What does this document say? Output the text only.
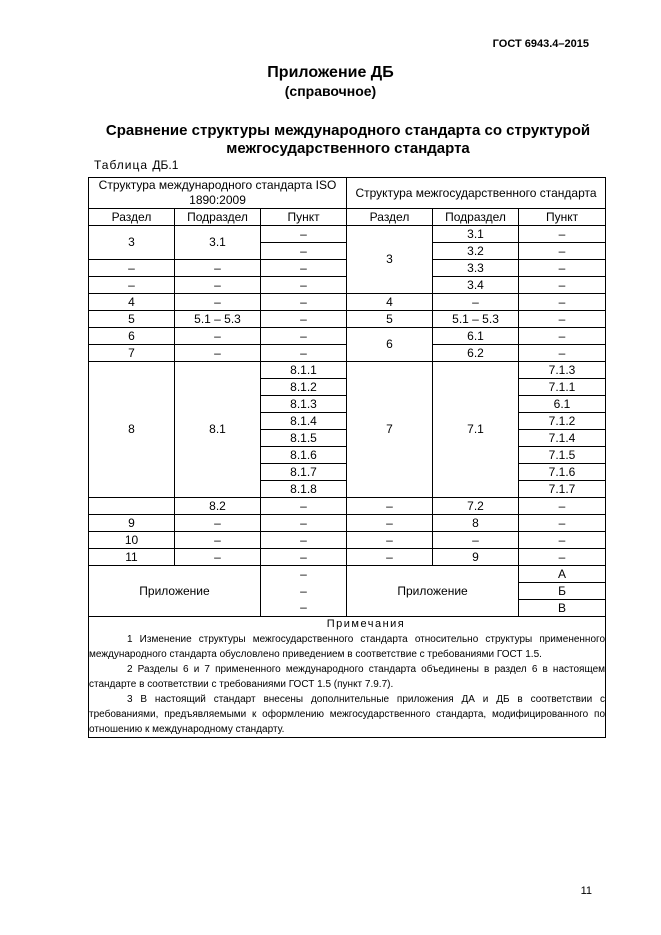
ГОСТ 6943.4–2015
Приложение ДБ
(справочное)
Сравнение структуры международного стандарта со структурой
межгосударственного стандарта
Таблица ДБ.1
Структура международного стандарта ISO 1890:2009			Структура межгосударственного стандарта		
Раздел	Подраздел	Пункт	Раздел	Подраздел	Пункт
3	3.1	–	3	3.1	–
		–		3.2	–
–	–	–		3.3	–
–	–	–		3.4	–
4	–	–	4	–	–
5	5.1 – 5.3	–	5	5.1 – 5.3	–
6	–	–	6	6.1	–
7	–	–		6.2	–
8	8.1	8.1.1	7	7.1	7.1.3
		8.1.2			7.1.1
		8.1.3			6.1
		8.1.4			7.1.2
		8.1.5			7.1.4
		8.1.6			7.1.5
		8.1.7			7.1.6
		8.1.8			7.1.7
	8.2	–	–	7.2	–
9	–	–	–	8	–
10	–	–	–	–	–
11	–	–	–	9	–
Приложение		–	Приложение		А
		–			Б
		–			В

Примечания

1 Изменение структуры межгосударственного стандарта относительно структуры примененного международного стандарта обусловлено приведением в соответствие с требованиями ГОСТ 1.5.

2 Разделы 6 и 7 примененного международного стандарта объединены в раздел 6 в настоящем стандарте в соответствии с требованиями ГОСТ 1.5 (пункт 7.9.7).

3 В настоящий стандарт внесены дополнительные приложения ДА и ДБ в соответствии с требованиями, предъявляемыми к оформлению межгосударственного стандарта, модифицированного по отношению к международному стандарту.					

11
